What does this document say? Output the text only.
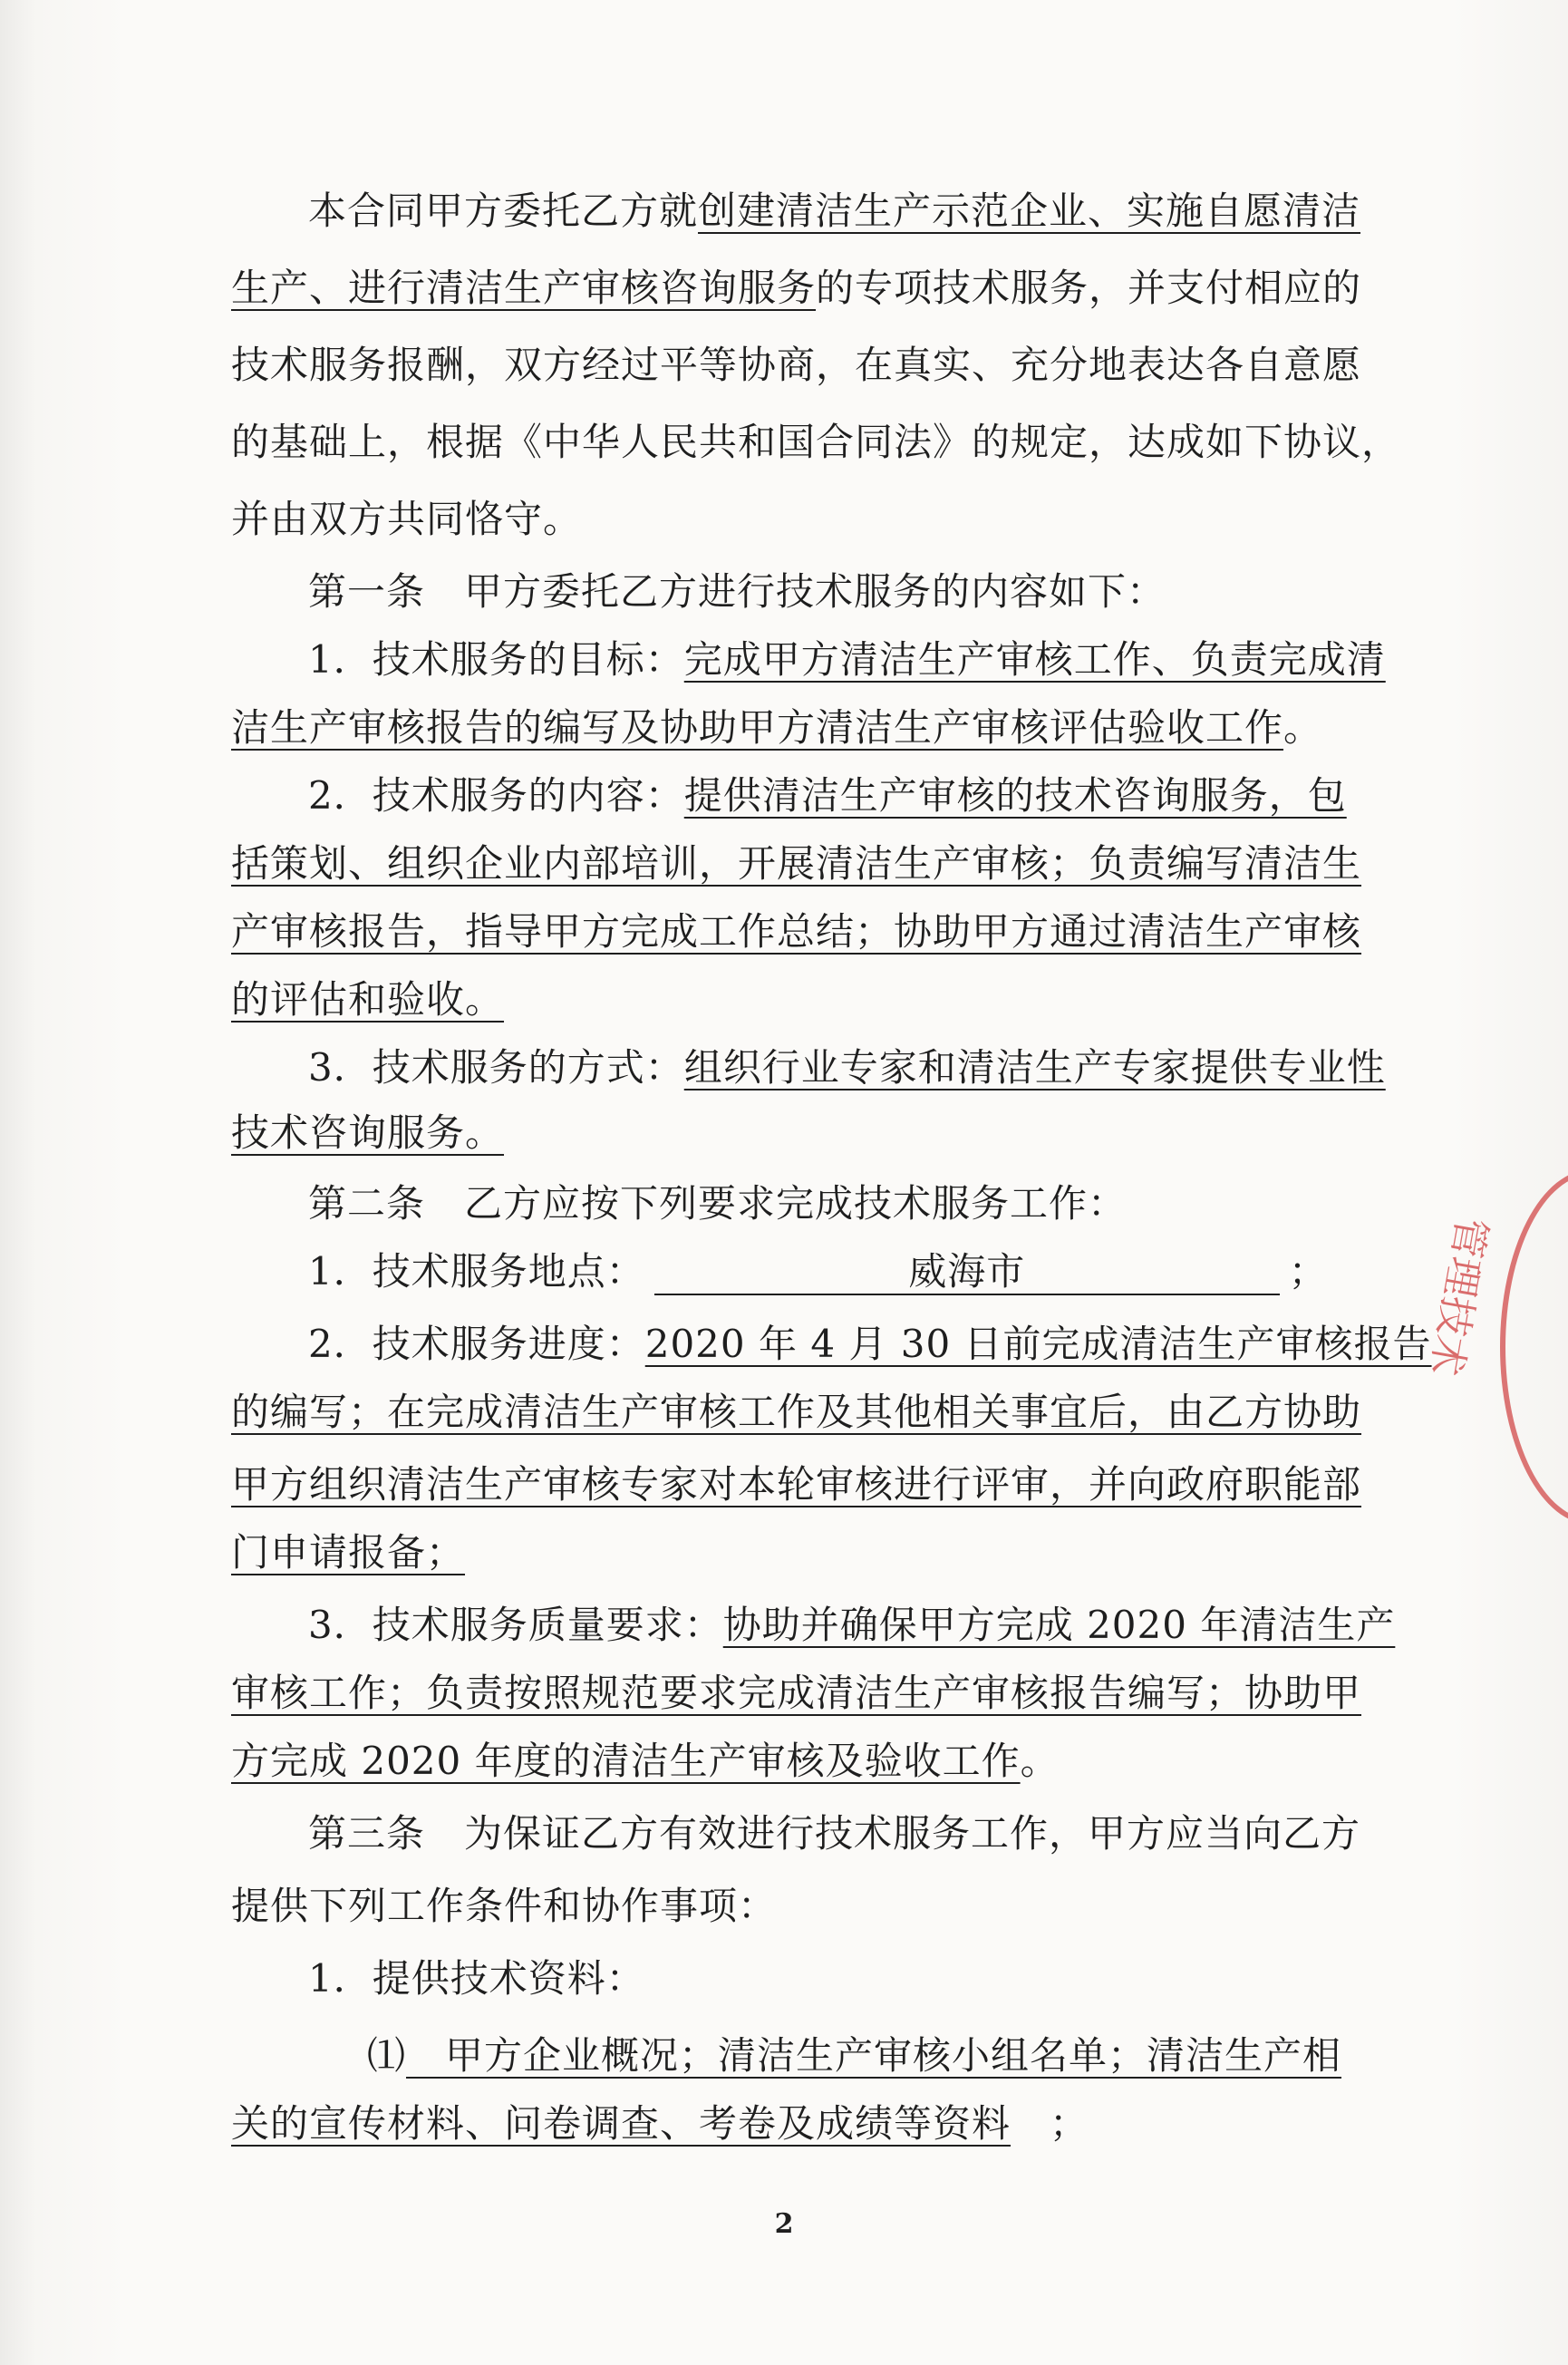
本合同甲方委托乙方就创建清洁生产示范企业、实施自愿清洁
生产、进行清洁生产审核咨询服务的专项技术服务，并支付相应的
技术服务报酬，双方经过平等协商，在真实、充分地表达各自意愿
的基础上，根据《中华人民共和国合同法》的规定，达成如下协议，
并由双方共同恪守。
第一条　甲方委托乙方进行技术服务的内容如下：
1．技术服务的目标：完成甲方清洁生产审核工作、负责完成清
洁生产审核报告的编写及协助甲方清洁生产审核评估验收工作。
2．技术服务的内容：提供清洁生产审核的技术咨询服务，包
括策划、组织企业内部培训，开展清洁生产审核；负责编写清洁生
产审核报告，指导甲方完成工作总结；协助甲方通过清洁生产审核
的评估和验收。
3．技术服务的方式：组织行业专家和清洁生产专家提供专业性
技术咨询服务。
第二条　乙方应按下列要求完成技术服务工作：
1．技术服务地点：	威海市	；
2．技术服务进度：2020 年 4 月 30 日前完成清洁生产审核报告
的编写；在完成清洁生产审核工作及其他相关事宜后，由乙方协助
甲方组织清洁生产审核专家对本轮审核进行评审，并向政府职能部
门申请报备；
3．技术服务质量要求：协助并确保甲方完成 2020 年清洁生产
审核工作；负责按照规范要求完成清洁生产审核报告编写；协助甲
方完成 2020 年度的清洁生产审核及验收工作。
第三条　为保证乙方有效进行技术服务工作，甲方应当向乙方
提供下列工作条件和协作事项：
1．提供技术资料：
⑴　甲方企业概况；清洁生产审核小组名单；清洁生产相
关的宣传材料、问卷调查、考卷及成绩等资料　；
2
管理技术
